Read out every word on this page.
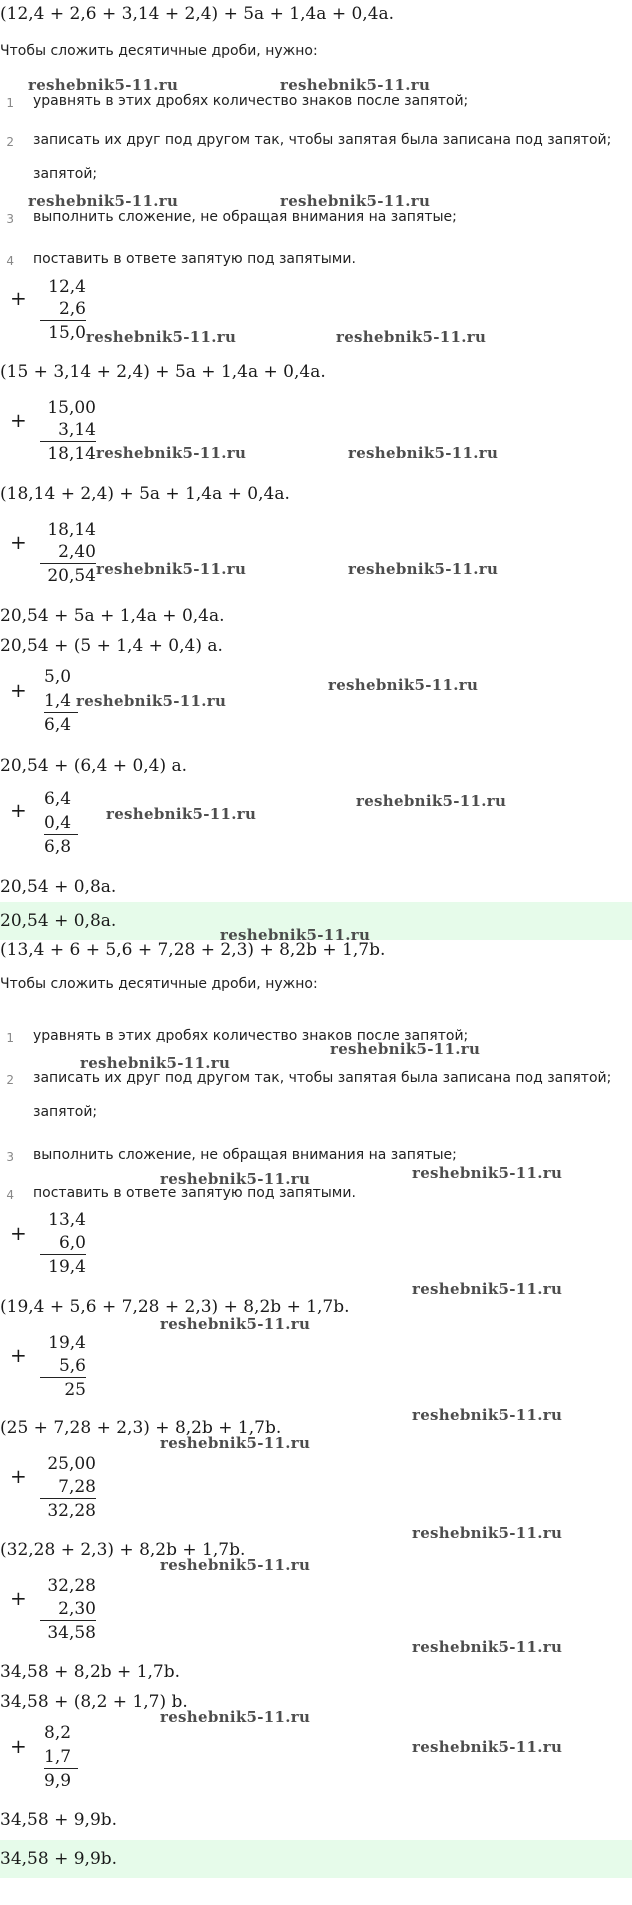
(12,4 + 2,6 + 3,14 + 2,4) + 5a + 1,4a + 0,4a.
Чтобы сложить десятичные дроби, нужно:
1 уравнять в этих дробях количество знаков после запятой;
2 записать их друг под другом так, чтобы запятая была записана под запятой;
запятой;
3 выполнить сложение, не обращая внимания на запятые;
4 поставить в ответе запятую под запятыми.
+	12,4
2,6
15,0
(15 + 3,14 + 2,4) + 5a + 1,4a + 0,4a.
+	15,00
3,14
18,14
(18,14 + 2,4) + 5a + 1,4a + 0,4a.
+	18,14
2,40
20,54
20,54 + 5a + 1,4a + 0,4a.
20,54 + (5 + 1,4 + 0,4) a.
+
5,0
1,4
6,4
20,54 + (6,4 + 0,4) a.
+ 6,4
0,4
6,8
20,54 + 0,8a.
20,54 + 0,8a.
(13,4 + 6 + 5,6 + 7,28 + 2,3) + 8,2b + 1,7b.
Чтобы сложить десятичные дроби, нужно:
1 уравнять в этих дробях количество знаков после запятой;
2 записать их друг под другом так, чтобы запятая была записана под запятой;
запятой;
3 выполнить сложение, не обращая внимания на запятые;
4 поставить в ответе запятую под запятыми.
+
13,4
6,0
19,4
(19,4 + 5,6 + 7,28 + 2,3) + 8,2b + 1,7b.
+	19,4
5,6
25
(25 + 7,28 + 2,3) + 8,2b + 1,7b.
+	25,00
7,28
32,28
(32,28 + 2,3) + 8,2b + 1,7b.
+	32,28
2,30
34,58
34,58 + 8,2b + 1,7b.
34,58 + (8,2 + 1,7) b.
+
8,2
1,7
9,9
34,58 + 9,9b.
34,58 + 9,9b.
reshebnik5-11.ru	reshebnik5-11.ru
reshebnik5-11.ru	reshebnik5-11.ru
reshebnik5-11.ru	reshebnik5-11.ru
reshebnik5-11.ru	reshebnik5-11.ru
reshebnik5-11.ru	reshebnik5-11.ru
reshebnik5-11.ru
reshebnik5-11.ru
reshebnik5-11.ru
reshebnik5-11.ru
reshebnik5-11.ru
reshebnik5-11.ru
reshebnik5-11.ru
reshebnik5-11.ru
reshebnik5-11.ru
reshebnik5-11.ru
reshebnik5-11.ru
reshebnik5-11.ru
reshebnik5-11.ru
reshebnik5-11.ru
reshebnik5-11.ru
reshebnik5-11.ru
reshebnik5-11.ru
reshebnik5-11.ru
